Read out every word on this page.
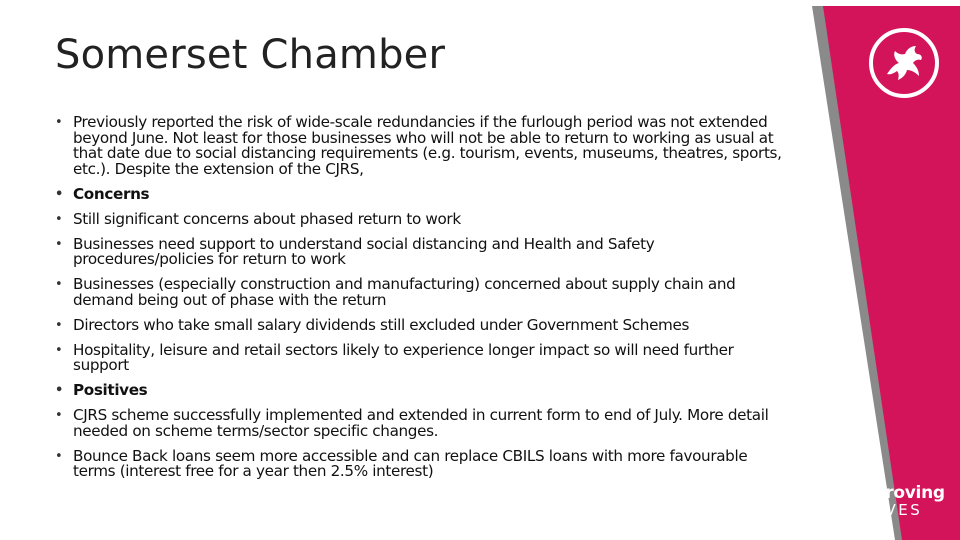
Somerset Chamber
• Previously reported the risk of wide-scale redundancies if the furlough period was not extended beyond June. Not least for those businesses who will not be able to return to working as usual at that date due to social distancing requirements (e.g. tourism, events, museums, theatres, sports, etc.). Despite the extension of the CJRS,
• Concerns
• Still significant concerns about phased return to work
• Businesses need support to understand social distancing and Health and Safety procedures/policies for return to work
• Businesses (especially construction and manufacturing) concerned about supply chain and demand being out of phase with the return
• Directors who take small salary dividends still excluded under Government Schemes
• Hospitality, leisure and retail sectors likely to experience longer impact so will need further support
• Positives
• CJRS scheme successfully implemented and extended in current form to end of July. More detail needed on scheme terms/sector specific changes.
• Bounce Back loans seem more accessible and can replace CBILS loans with more favourable terms (interest free for a year then 2.5% interest)
Improving
LIVES
